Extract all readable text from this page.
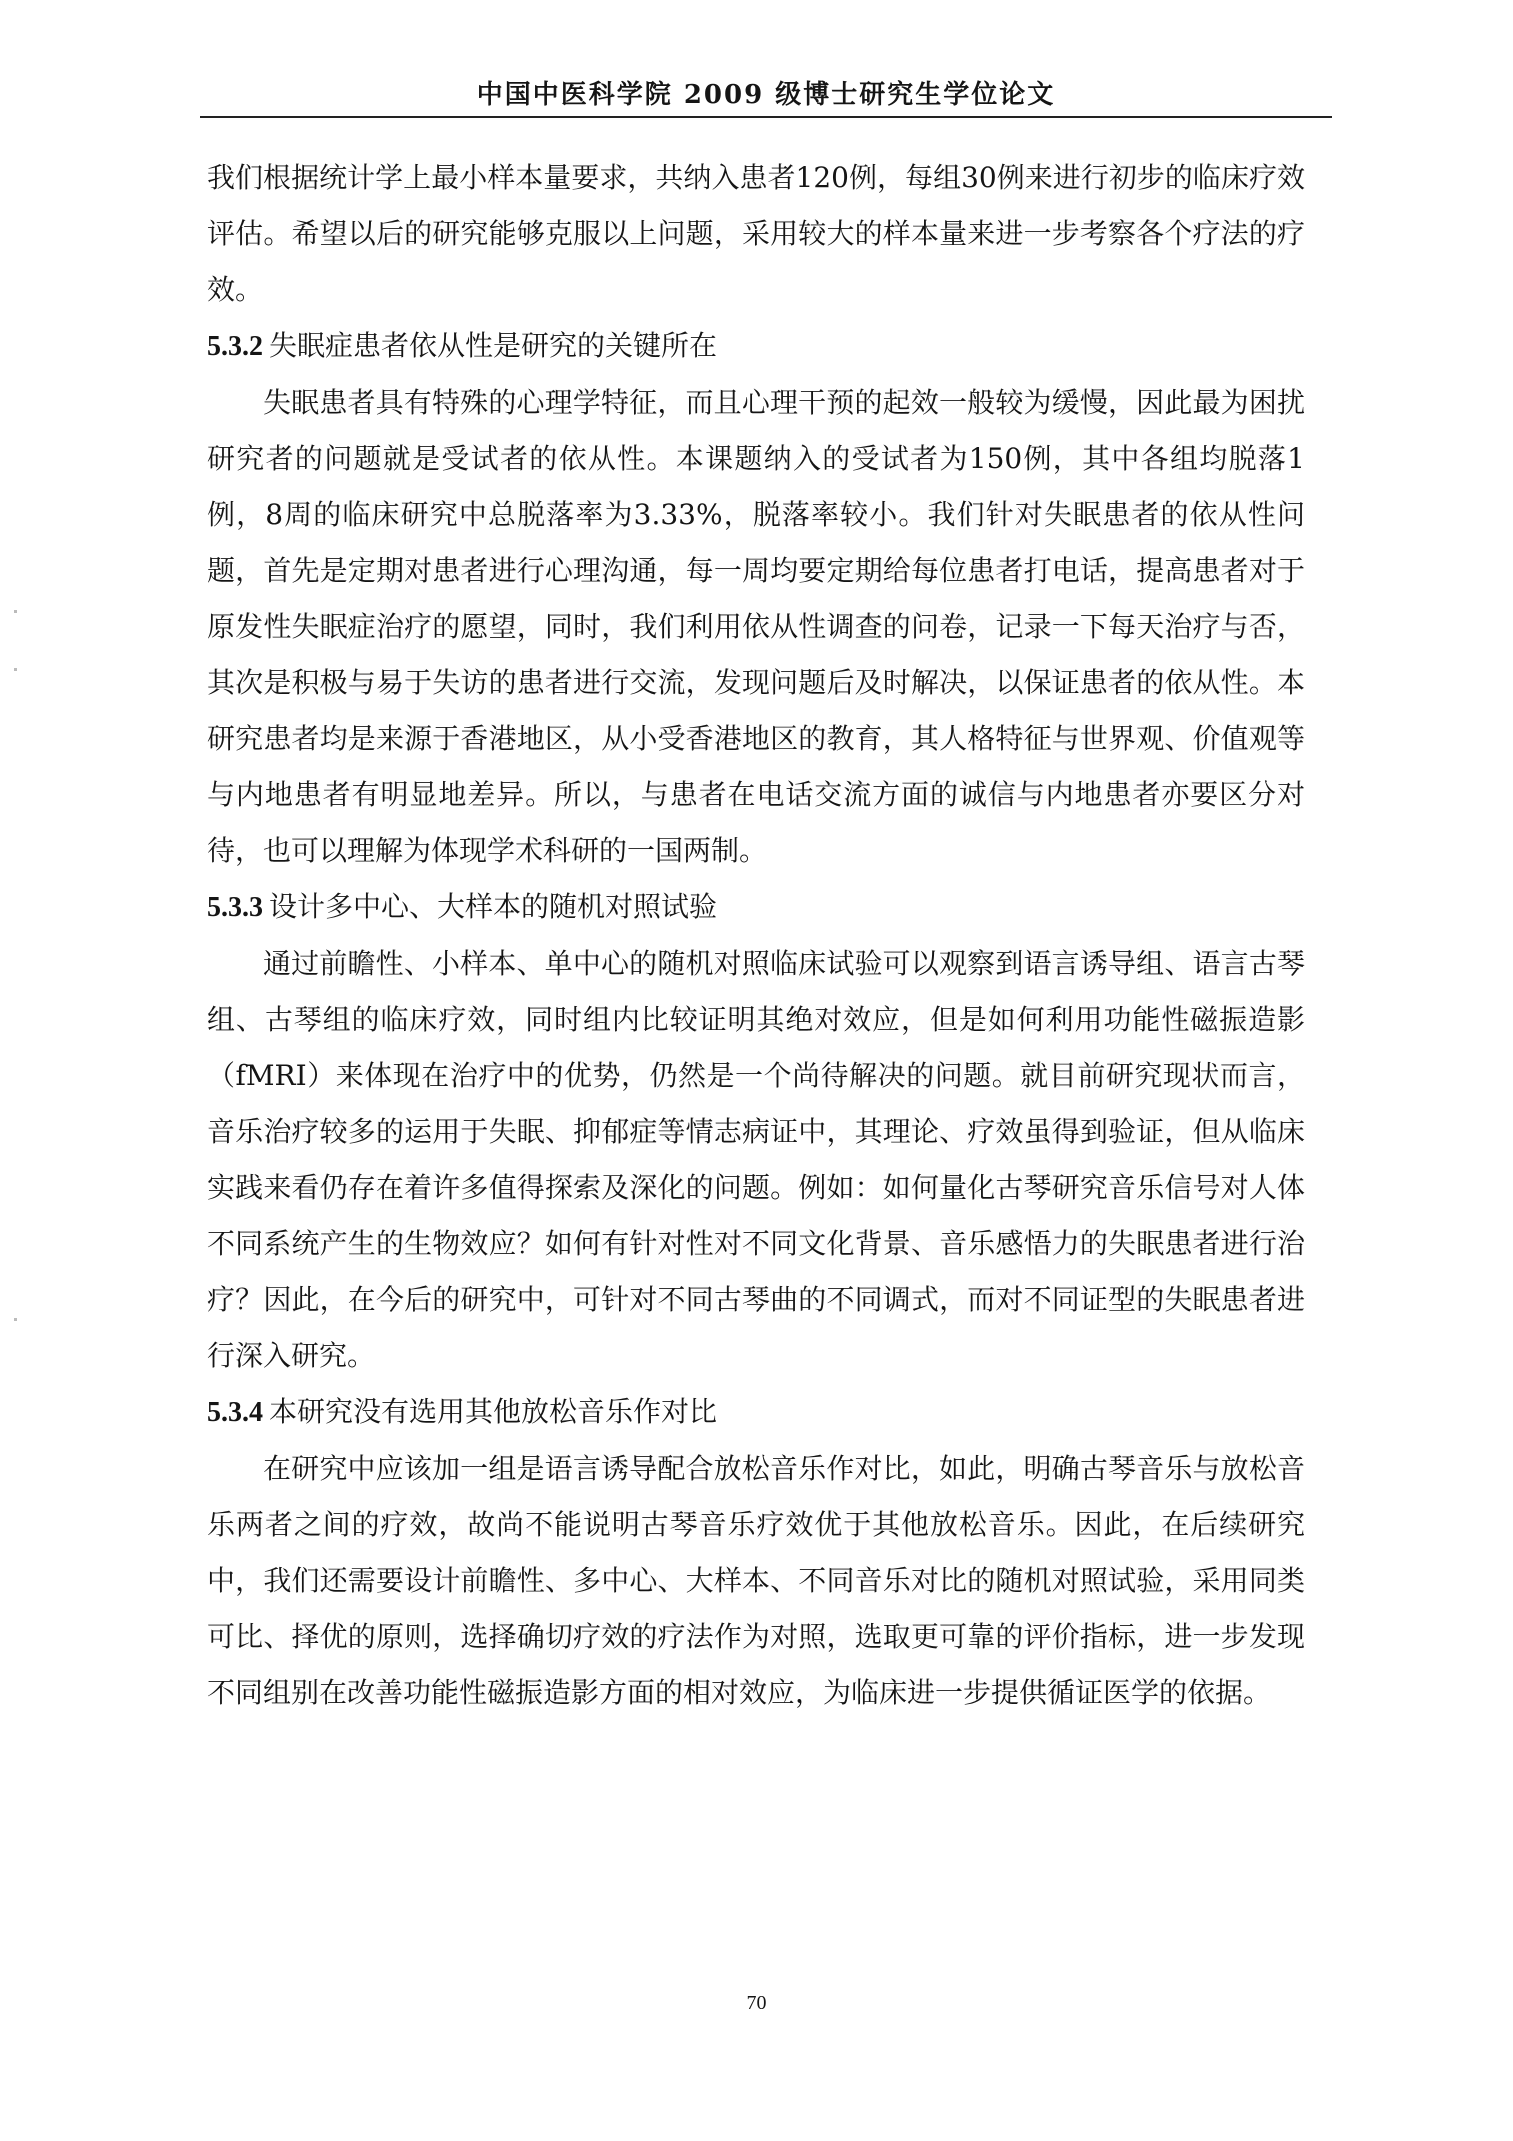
中国中医科学院 2009 级博士研究生学位论文

我们根据统计学上最小样本量要求，共纳入患者120例，每组30例来进行初步的临床疗效评估。希望以后的研究能够克服以上问题，采用较大的样本量来进一步考察各个疗法的疗效。

5.3.2 失眠症患者依从性是研究的关键所在

失眠患者具有特殊的心理学特征，而且心理干预的起效一般较为缓慢，因此最为困扰研究者的问题就是受试者的依从性。本课题纳入的受试者为150例，其中各组均脱落1例，8周的临床研究中总脱落率为3.33%，脱落率较小。我们针对失眠患者的依从性问题，首先是定期对患者进行心理沟通，每一周均要定期给每位患者打电话，提高患者对于原发性失眠症治疗的愿望，同时，我们利用依从性调查的问卷，记录一下每天治疗与否，其次是积极与易于失访的患者进行交流，发现问题后及时解决，以保证患者的依从性。本研究患者均是来源于香港地区，从小受香港地区的教育，其人格特征与世界观、价值观等与内地患者有明显地差异。所以，与患者在电话交流方面的诚信与内地患者亦要区分对待，也可以理解为体现学术科研的一国两制。

5.3.3 设计多中心、大样本的随机对照试验

通过前瞻性、小样本、单中心的随机对照临床试验可以观察到语言诱导组、语言古琴组、古琴组的临床疗效，同时组内比较证明其绝对效应，但是如何利用功能性磁振造影（fMRI）来体现在治疗中的优势，仍然是一个尚待解决的问题。就目前研究现状而言，音乐治疗较多的运用于失眠、抑郁症等情志病证中，其理论、疗效虽得到验证，但从临床实践来看仍存在着许多值得探索及深化的问题。例如：如何量化古琴研究音乐信号对人体不同系统产生的生物效应？如何有针对性对不同文化背景、音乐感悟力的失眠患者进行治疗？因此，在今后的研究中，可针对不同古琴曲的不同调式，而对不同证型的失眠患者进行深入研究。

5.3.4 本研究没有选用其他放松音乐作对比

在研究中应该加一组是语言诱导配合放松音乐作对比，如此，明确古琴音乐与放松音乐两者之间的疗效，故尚不能说明古琴音乐疗效优于其他放松音乐。因此，在后续研究中，我们还需要设计前瞻性、多中心、大样本、不同音乐对比的随机对照试验，采用同类可比、择优的原则，选择确切疗效的疗法作为对照，选取更可靠的评价指标，进一步发现不同组别在改善功能性磁振造影方面的相对效应，为临床进一步提供循证医学的依据。

70
